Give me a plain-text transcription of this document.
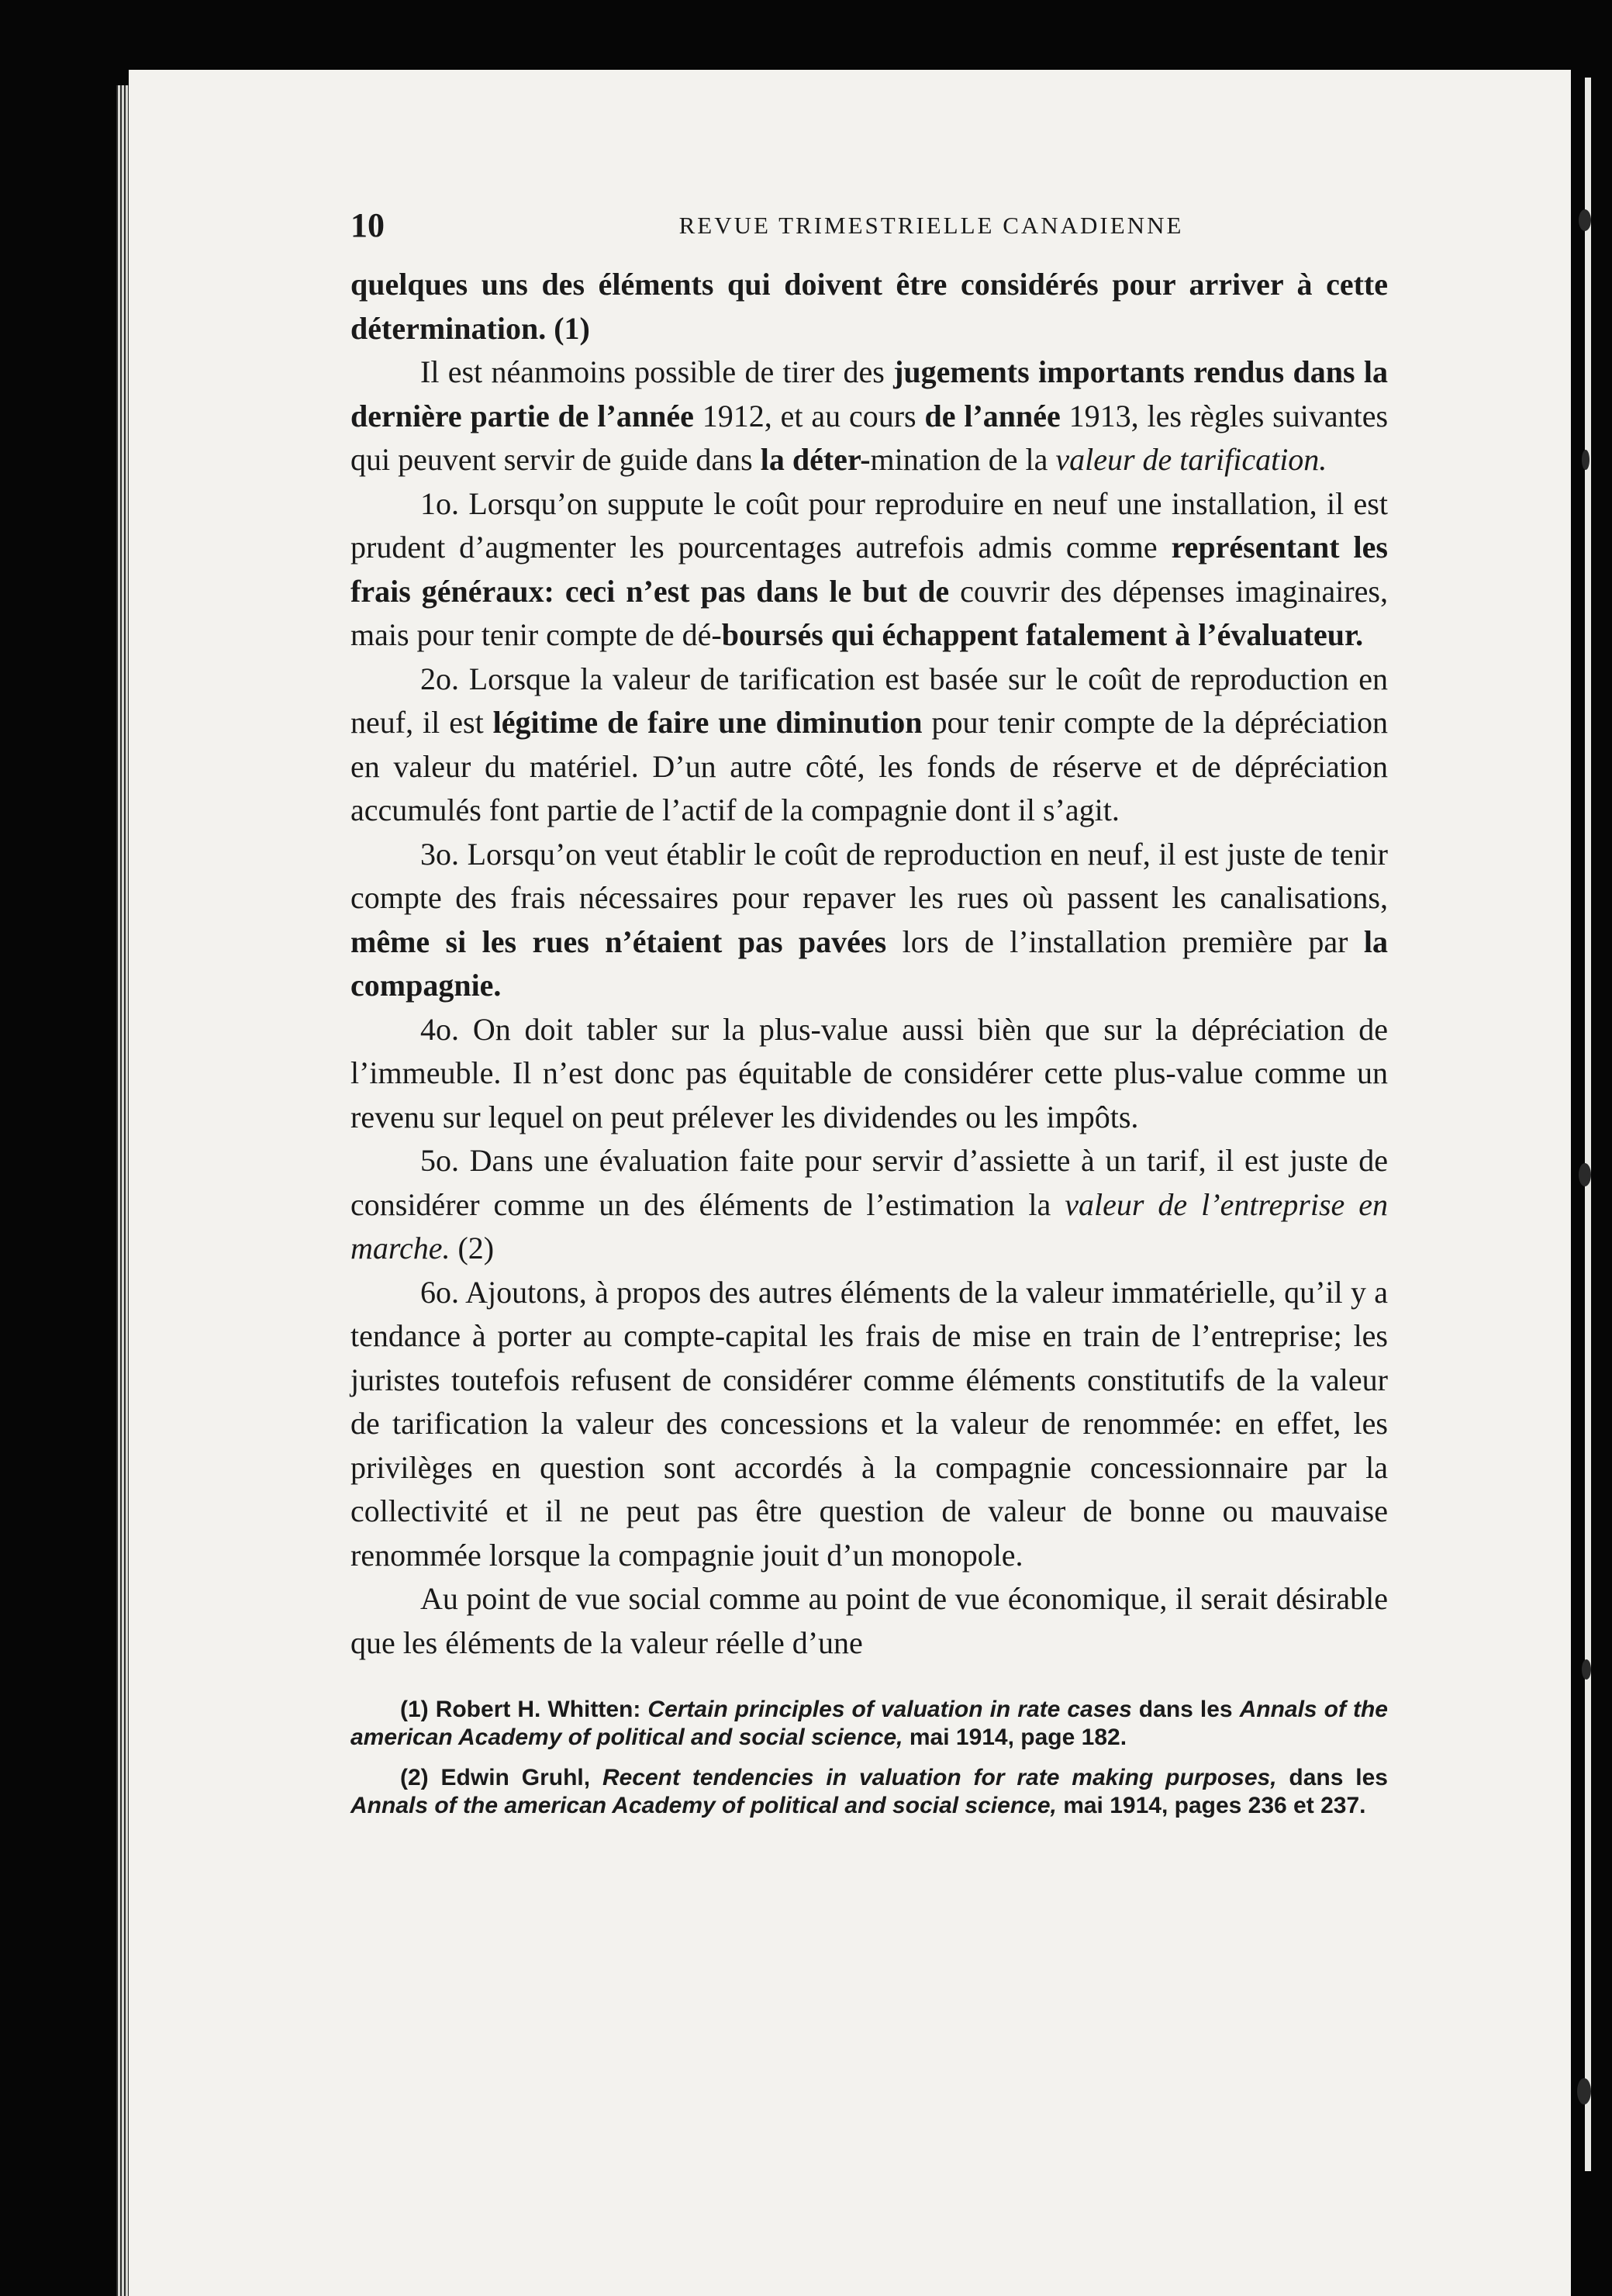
10	REVUE TRIMESTRIELLE CANADIENNE

quelques uns des éléments qui doivent être considérés pour arriver à cette détermination. (1)

Il est néanmoins possible de tirer des jugements importants rendus dans la dernière partie de l’année 1912, et au cours de l’année 1913, les règles suivantes qui peuvent servir de guide dans la déter-mination de la valeur de tarification.

1o. Lorsqu’on suppute le coût pour reproduire en neuf une installation, il est prudent d’augmenter les pourcentages autrefois admis comme représentant les frais généraux: ceci n’est pas dans le but de couvrir des dépenses imaginaires, mais pour tenir compte de dé-boursés qui échappent fatalement à l’évaluateur.

2o. Lorsque la valeur de tarification est basée sur le coût de reproduction en neuf, il est légitime de faire une diminution pour tenir compte de la dépréciation en valeur du matériel. D’un autre côté, les fonds de réserve et de dépréciation accumulés font partie de l’actif de la compagnie dont il s’agit.

3o. Lorsqu’on veut établir le coût de reproduction en neuf, il est juste de tenir compte des frais nécessaires pour repaver les rues où passent les canalisations, même si les rues n’étaient pas pavées lors de l’installation première par la compagnie.

4o. On doit tabler sur la plus-value aussi bièn que sur la dépréciation de l’immeuble. Il n’est donc pas équitable de considérer cette plus-value comme un revenu sur lequel on peut prélever les dividendes ou les impôts.

5o. Dans une évaluation faite pour servir d’assiette à un tarif, il est juste de considérer comme un des éléments de l’estimation la valeur de l’entreprise en marche. (2)

6o. Ajoutons, à propos des autres éléments de la valeur immatérielle, qu’il y a tendance à porter au compte-capital les frais de mise en train de l’entreprise; les juristes toutefois refusent de considérer comme éléments constitutifs de la valeur de tarification la valeur des concessions et la valeur de renommée: en effet, les privilèges en question sont accordés à la compagnie concessionnaire par la collectivité et il ne peut pas être question de valeur de bonne ou mauvaise renommée lorsque la compagnie jouit d’un monopole.

Au point de vue social comme au point de vue économique, il serait désirable que les éléments de la valeur réelle d’une

(1) Robert H. Whitten: Certain principles of valuation in rate cases dans les Annals of the american Academy of political and social science, mai 1914, page 182.

(2) Edwin Gruhl, Recent tendencies in valuation for rate making purposes, dans les Annals of the american Academy of political and social science, mai 1914, pages 236 et 237.
